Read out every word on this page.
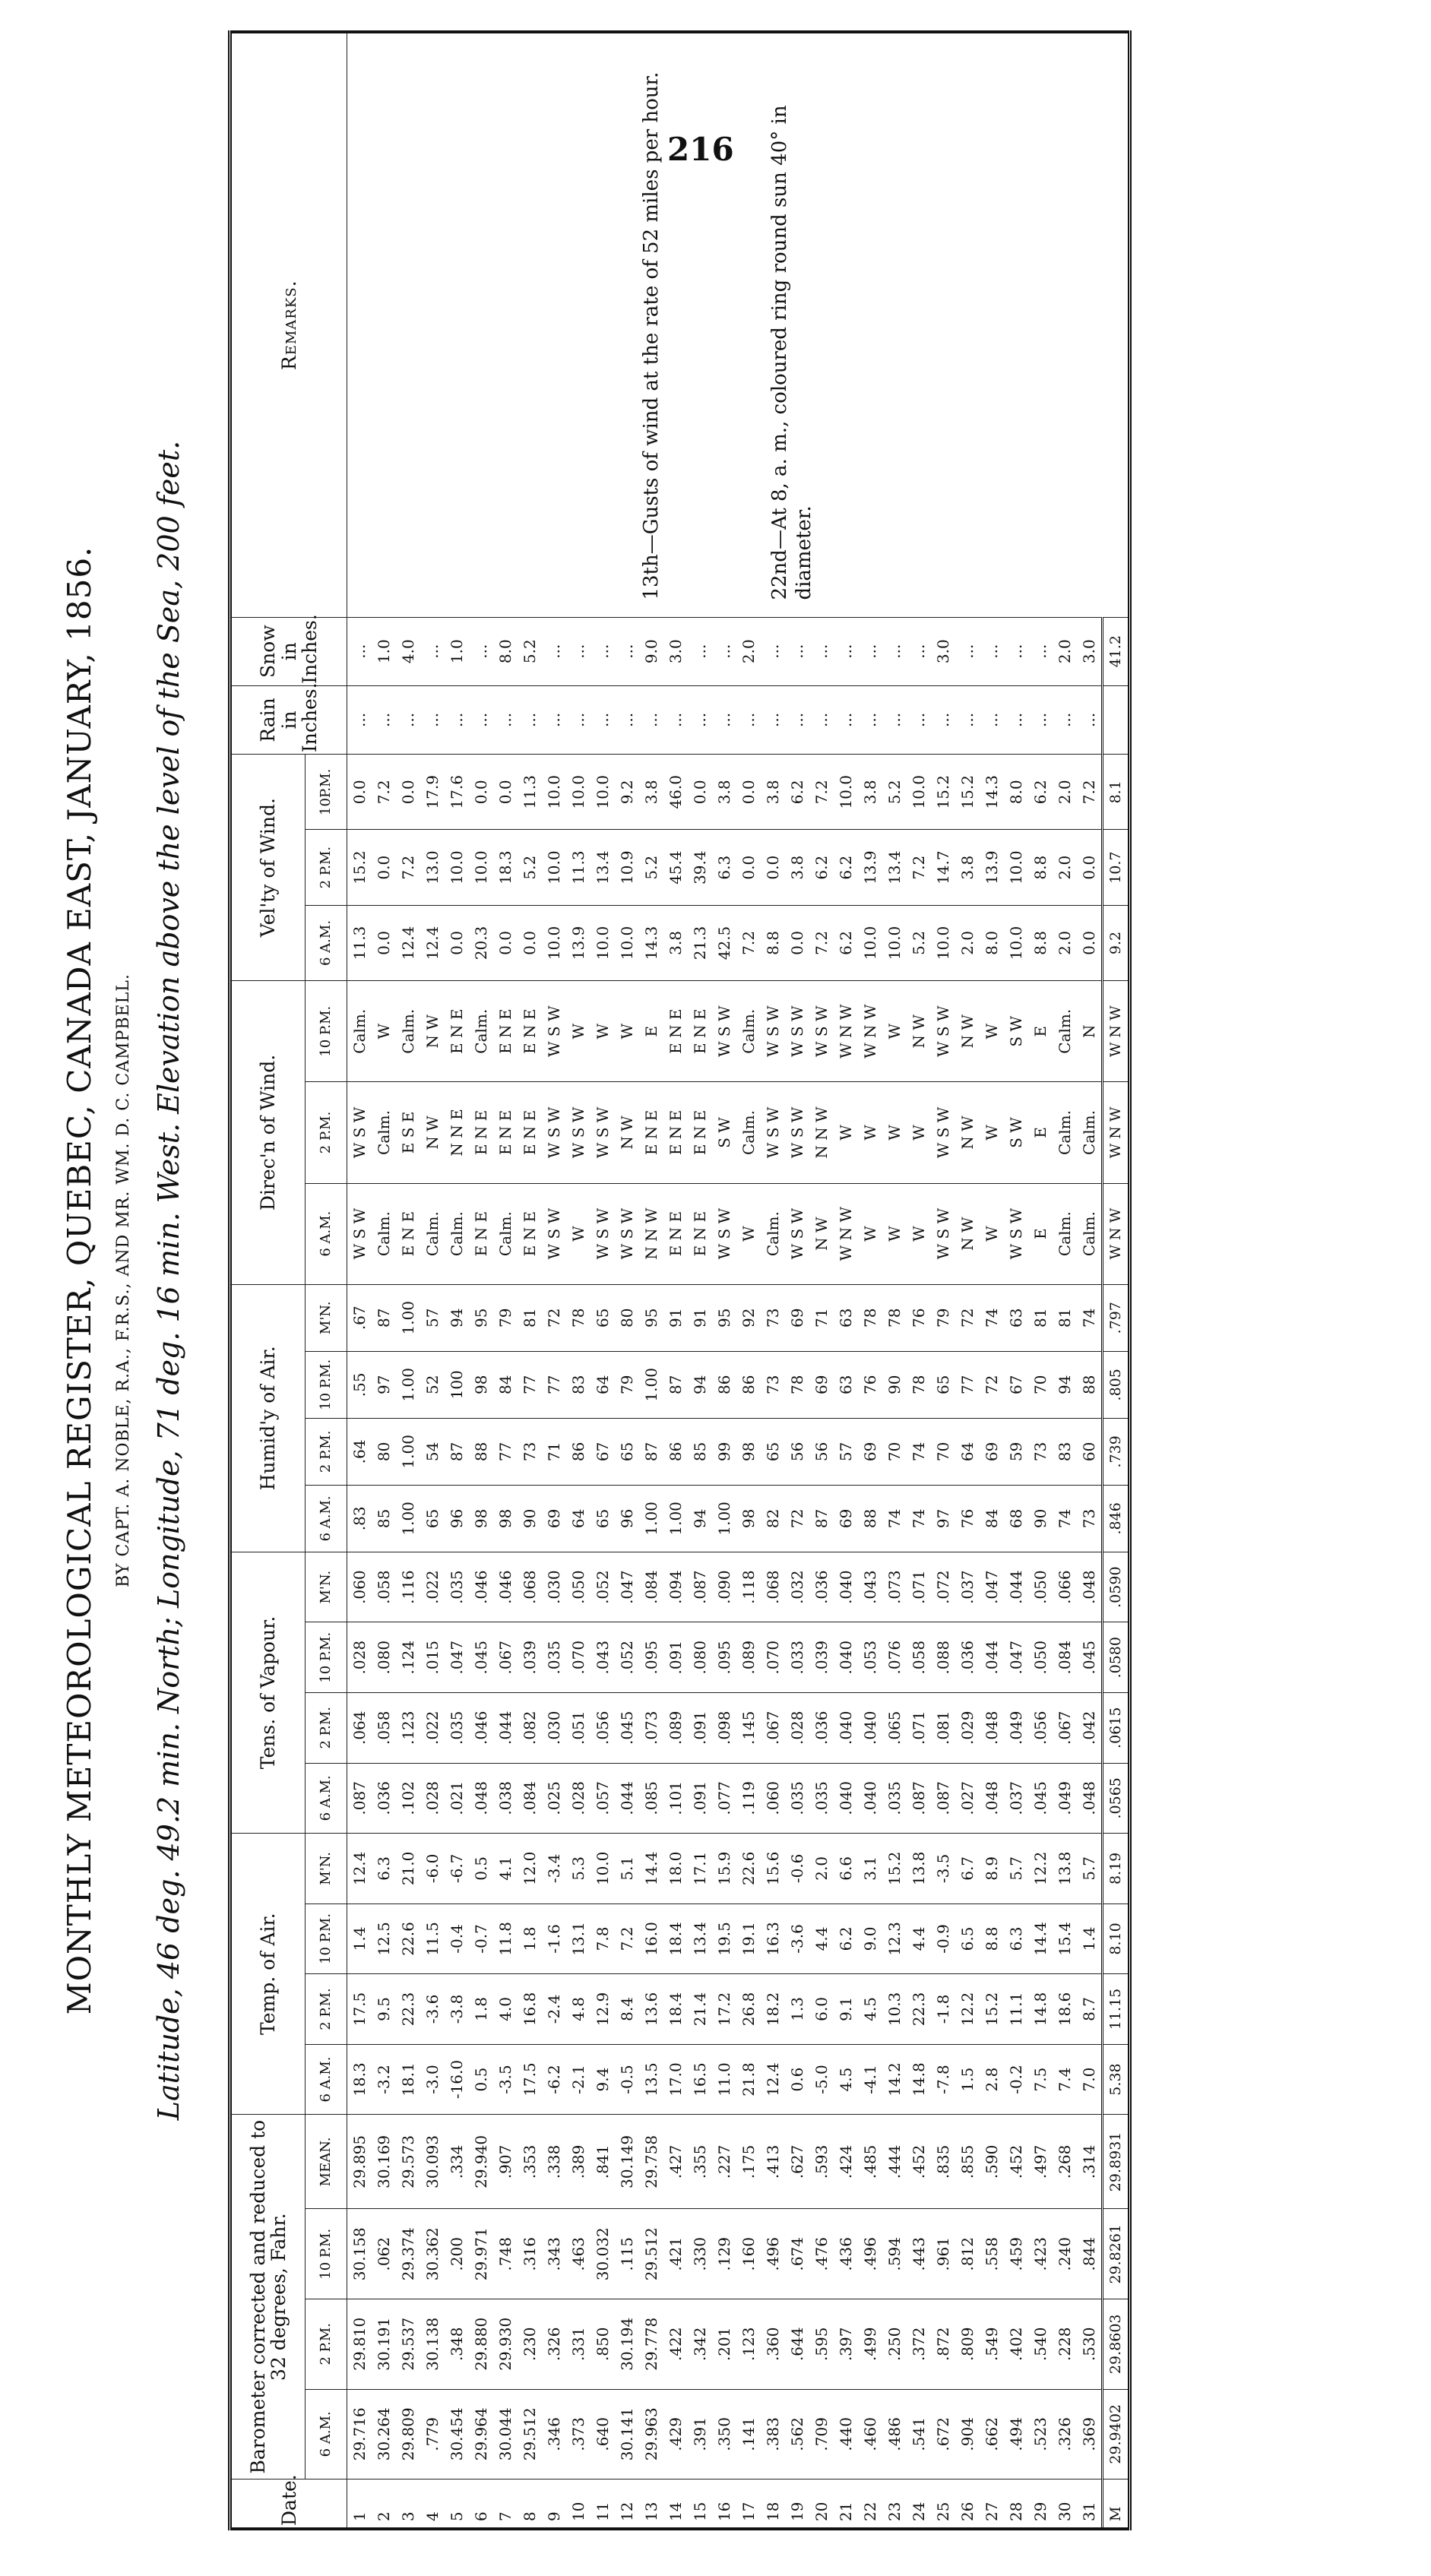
216
MONTHLY METEOROLOGICAL REGISTER, QUEBEC, CANADA EAST, JANUARY, 1856. BY CAPT. A. NOBLE, R.A., F.R.S., AND MR. WM. D. C. CAMPBELL. Latitude, 46 deg. 49.2 min. North; Longitude, 71 deg. 16 min. West. Elevation above the level of the Sea, 200 feet.
Date.	Barometer corrected and reduced to 32 degrees, Fahr.				Temp. of Air.				Tens. of Vapour.				Humid'y of Air.				Direc'n of Wind.			Vel'ty of Wind.			Rain in Inches.	Snow in Inches.	Remarks.
	6 A.M.	2 P.M.	10 P.M.	MEAN.	6 A.M.	2 P.M.	10 P.M.	M'N.	6 A.M.	2 P.M.	10 P.M.	M'N.	6 A.M.	2 P.M.	10 P.M.	M'N.	6 A.M.	2 P.M.	10 P.M.	6 A.M.	2 P.M.	10P.M.			
1	29.716	29.810	30.158	29.895	18.3	17.5	1.4	12.4	.087	.064	.028	.060	.83	.64	.55	.67	W S W	W S W	Calm.	11.3	15.2	0.0	...	...	13th—Gusts of wind at the rate of 52 miles per hour. 22nd—At 8, a. m., coloured ring round sun 40° in diameter.

2	30.264	30.191	.062	30.169	-3.2	9.5	12.5	6.3	.036	.058	.080	.058	85	80	97	87	Calm.	Calm.	W	0.0	0.0	7.2	...	1.0	
3	29.809	29.537	29.374	29.573	18.1	22.3	22.6	21.0	.102	.123	.124	.116	1.00	1.00	1.00	1.00	E N E	E S E	Calm.	12.4	7.2	0.0	...	4.0	
4	.779	30.138	30.362	30.093	-3.0	-3.6	11.5	-6.0	.028	.022	.015	.022	65	54	52	57	Calm.	N W	N W	12.4	13.0	17.9	...	...	
5	30.454	.348	.200	.334	-16.0	-3.8	-0.4	-6.7	.021	.035	.047	.035	96	87	100	94	Calm.	N N E	E N E	0.0	10.0	17.6	...	1.0	
6	29.964	29.880	29.971	29.940	0.5	1.8	-0.7	0.5	.048	.046	.045	.046	98	88	98	95	E N E	E N E	Calm.	20.3	10.0	0.0	...	...	
7	30.044	29.930	.748	.907	-3.5	4.0	11.8	4.1	.038	.044	.067	.046	98	77	84	79	Calm.	E N E	E N E	0.0	18.3	0.0	...	8.0	
8	29.512	.230	.316	.353	17.5	16.8	1.8	12.0	.084	.082	.039	.068	90	73	77	81	E N E	E N E	E N E	0.0	5.2	11.3	...	5.2	
9	.346	.326	.343	.338	-6.2	-2.4	-1.6	-3.4	.025	.030	.035	.030	69	71	77	72	W S W	W S W	W S W	10.0	10.0	10.0	...	...	
10	.373	.331	.463	.389	-2.1	4.8	13.1	5.3	.028	.051	.070	.050	64	86	83	78	W	W S W	W	13.9	11.3	10.0	...	...	
11	.640	.850	30.032	.841	9.4	12.9	7.8	10.0	.057	.056	.043	.052	65	67	64	65	W S W	W S W	W	10.0	13.4	10.0	...	...	
12	30.141	30.194	.115	30.149	-0.5	8.4	7.2	5.1	.044	.045	.052	.047	96	65	79	80	W S W	N W	W	10.0	10.9	9.2	...	...	
13	29.963	29.778	29.512	29.758	13.5	13.6	16.0	14.4	.085	.073	.095	.084	1.00	87	1.00	95	N N W	E N E	E	14.3	5.2	3.8	...	9.0	
14	.429	.422	.421	.427	17.0	18.4	18.4	18.0	.101	.089	.091	.094	1.00	86	87	91	E N E	E N E	E N E	3.8	45.4	46.0	...	3.0	
15	.391	.342	.330	.355	16.5	21.4	13.4	17.1	.091	.091	.080	.087	94	85	94	91	E N E	E N E	E N E	21.3	39.4	0.0	...	...	
16	.350	.201	.129	.227	11.0	17.2	19.5	15.9	.077	.098	.095	.090	1.00	99	86	95	W S W	S W	W S W	42.5	6.3	3.8	...	...	
17	.141	.123	.160	.175	21.8	26.8	19.1	22.6	.119	.145	.089	.118	98	98	86	92	W	Calm.	Calm.	7.2	0.0	0.0	...	2.0	
18	.383	.360	.496	.413	12.4	18.2	16.3	15.6	.060	.067	.070	.068	82	65	73	73	Calm.	W S W	W S W	8.8	0.0	3.8	...	...	
19	.562	.644	.674	.627	0.6	1.3	-3.6	-0.6	.035	.028	.033	.032	72	56	78	69	W S W	W S W	W S W	0.0	3.8	6.2	...	...	
20	.709	.595	.476	.593	-5.0	6.0	4.4	2.0	.035	.036	.039	.036	87	56	69	71	N W	N N W	W S W	7.2	6.2	7.2	...	...	
21	.440	.397	.436	.424	4.5	9.1	6.2	6.6	.040	.040	.040	.040	69	57	63	63	W N W	W	W N W	6.2	6.2	10.0	...	...	
22	.460	.499	.496	.485	-4.1	4.5	9.0	3.1	.040	.040	.053	.043	88	69	76	78	W	W	W N W	10.0	13.9	3.8	...	...	
23	.486	.250	.594	.444	14.2	10.3	12.3	15.2	.035	.065	.076	.073	74	70	90	78	W	W	W	10.0	13.4	5.2	...	...	
24	.541	.372	.443	.452	14.8	22.3	4.4	13.8	.087	.071	.058	.071	74	74	78	76	W	W	N W	5.2	7.2	10.0	...	...	
25	.672	.872	.961	.835	-7.8	-1.8	-0.9	-3.5	.087	.081	.088	.072	97	70	65	79	W S W	W S W	W S W	10.0	14.7	15.2	...	3.0	
26	.904	.809	.812	.855	1.5	12.2	6.5	6.7	.027	.029	.036	.037	76	64	77	72	N W	N W	N W	2.0	3.8	15.2	...	...	
27	.662	.549	.558	.590	2.8	15.2	8.8	8.9	.048	.048	.044	.047	84	69	72	74	W	W	W	8.0	13.9	14.3	...	...	
28	.494	.402	.459	.452	-0.2	11.1	6.3	5.7	.037	.049	.047	.044	68	59	67	63	W S W	S W	S W	10.0	10.0	8.0	...	...	
29	.523	.540	.423	.497	7.5	14.8	14.4	12.2	.045	.056	.050	.050	90	73	70	81	E	E	E	8.8	8.8	6.2	...	...	
30	.326	.228	.240	.268	7.4	18.6	15.4	13.8	.049	.067	.084	.066	74	83	94	81	Calm.	Calm.	Calm.	2.0	2.0	2.0	...	2.0	
31	.369	.530	.844	.314	7.0	8.7	1.4	5.7	.048	.042	.045	.048	73	60	88	74	Calm.	Calm.	N	0.0	0.0	7.2	...	3.0	
M	29.9402	29.8603	29.8261	29.8931	5.38	11.15	8.10	8.19	.0565	.0615	.0580	.0590	.846	.739	.805	.797	W N W	W N W	W N W	9.2	10.7	8.1		41.2	
